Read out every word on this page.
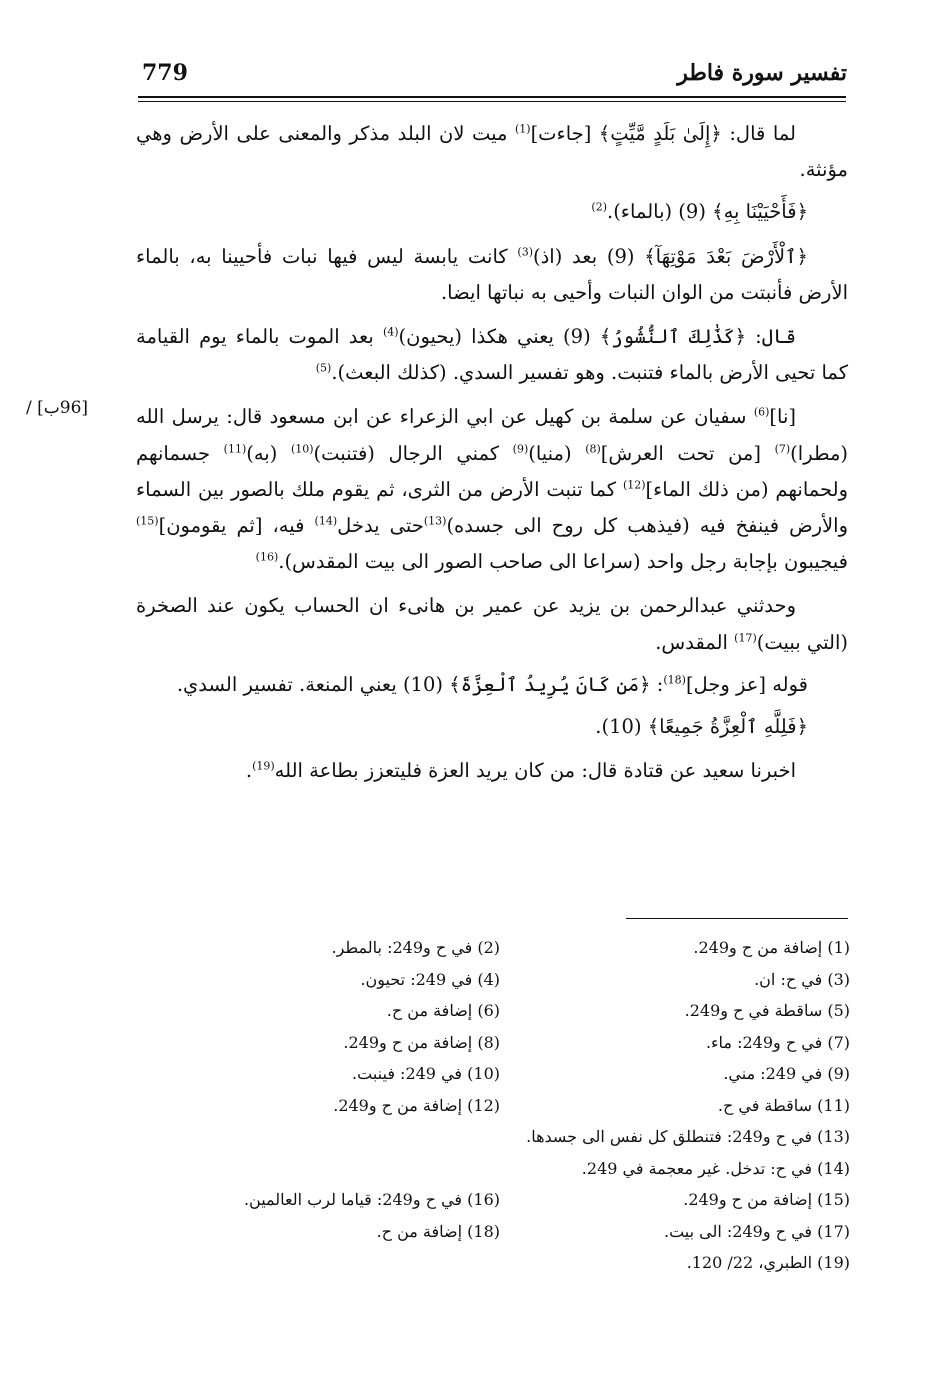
تفسير سورة فاطر
779
[96ب] /

لما قال: ﴿إِلَىٰ بَلَدٍ مَّيِّتٍ﴾ [جاءت]$^{(1)}$ ميت لان البلد مذكر والمعنى على الأرض وهي مؤنثة.

﴿فَأَحْيَيْنَا بِهِ﴾ (9) (بالماء).$^{(2)}$

﴿ٱلْأَرْضَ بَعْدَ مَوْتِهَآ﴾ (9) بعد (اذ)$^{(3)}$ كانت يابسة ليس فيها نبات فأحيينا به، بالماء الأرض فأنبتت من الوان النبات وأحيى به نباتها ايضا.

قال: ﴿كَذَٰلِكَ ٱلنُّشُورُ﴾ (9) يعني هكذا (يحيون)$^{(4)}$ بعد الموت بالماء يوم القيامة كما تحيى الأرض بالماء فتنبت. وهو تفسير السدي. (كذلك البعث).$^{(5)}$

[نا]$^{(6)}$ سفيان عن سلمة بن كهيل عن ابي الزعراء عن ابن مسعود قال: يرسل الله (مطرا)$^{(7)}$ [من تحت العرش]$^{(8)}$ (منيا)$^{(9)}$ كمني الرجال (فتنبت)$^{(10)}$ (به)$^{(11)}$ جسمانهم ولحمانهم (من ذلك الماء]$^{(12)}$ كما تنبت الأرض من الثرى، ثم يقوم ملك بالصور بين السماء والأرض فينفخ فيه (فيذهب كل روح الى جسده)$^{(13)}$حتى يدخل$^{(14)}$ فيه، [ثم يقومون]$^{(15)}$ فيجيبون بإجابة رجل واحد (سراعا الى صاحب الصور الى بيت المقدس).$^{(16)}$

وحدثني عبدالرحمن بن يزيد عن عمير بن هانىء ان الحساب يكون عند الصخرة (التي ببيت)$^{(17)}$ المقدس.

قوله [عز وجل]$^{(18)}$: ﴿مَن كَانَ يُرِيدُ ٱلْعِزَّةَ﴾ (10) يعني المنعة. تفسير السدي.

﴿فَلِلَّهِ ٱلْعِزَّةُ جَمِيعًا﴾ (10).

اخبرنا سعيد عن قتادة قال: من كان يريد العزة فليتعزز بطاعة الله$^{(19)}$.

(1) إضافة من ح و249.
(2) في ح و249: بالمطر.
(3) في ح: ان.
(4) في 249: تحيون.
(5) ساقطة في ح و249.
(6) إضافة من ح.
(7) في ح و249: ماء.
(8) إضافة من ح و249.
(9) في 249: مني.
(10) في 249: فينبت.
(11) ساقطة في ح.
(12) إضافة من ح و249.
(13) في ح و249: فتنطلق كل نفس الى جسدها.
(14) في ح: تدخل. غير معجمة في 249.
(15) إضافة من ح و249.
(16) في ح و249: قياما لرب العالمين.
(17) في ح و249: الى بيت.
(18) إضافة من ح.
(19) الطبري، 22/ 120.
